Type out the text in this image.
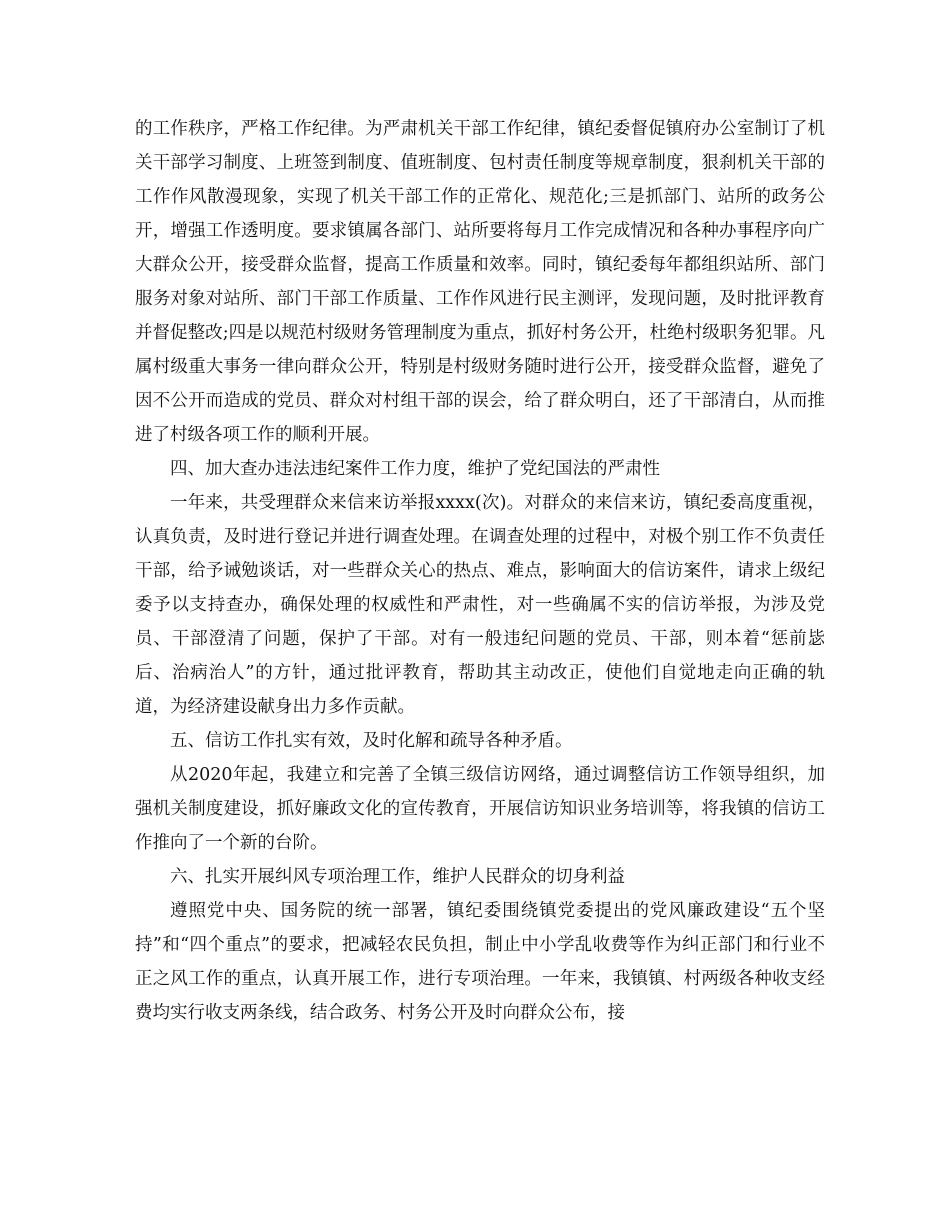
的工作秩序，严格工作纪律。为严肃机关干部工作纪律，镇纪委督促镇府办公室制订了机关干部学习制度、上班签到制度、值班制度、包村责任制度等规章制度，狠刹机关干部的工作作风散漫现象，实现了机关干部工作的正常化、规范化;三是抓部门、站所的政务公开，增强工作透明度。要求镇属各部门、站所要将每月工作完成情况和各种办事程序向广大群众公开，接受群众监督，提高工作质量和效率。同时，镇纪委每年都组织站所、部门服务对象对站所、部门干部工作质量、工作作风进行民主测评，发现问题，及时批评教育并督促整改;四是以规范村级财务管理制度为重点，抓好村务公开，杜绝村级职务犯罪。凡属村级重大事务一律向群众公开，特别是村级财务随时进行公开，接受群众监督，避免了因不公开而造成的党员、群众对村组干部的误会，给了群众明白，还了干部清白，从而推进了村级各项工作的顺利开展。

四、加大查办违法违纪案件工作力度，维护了党纪国法的严肃性

一年来，共受理群众来信来访举报xxxx(次)。对群众的来信来访，镇纪委高度重视，认真负责，及时进行登记并进行调查处理。在调查处理的过程中，对极个别工作不负责任干部，给予诫勉谈话，对一些群众关心的热点、难点，影响面大的信访案件，请求上级纪委予以支持查办，确保处理的权威性和严肃性，对一些确属不实的信访举报，为涉及党员、干部澄清了问题，保护了干部。对有一般违纪问题的党员、干部，则本着“惩前毖后、治病治人”的方针，通过批评教育，帮助其主动改正，使他们自觉地走向正确的轨道，为经济建设献身出力多作贡献。

五、信访工作扎实有效，及时化解和疏导各种矛盾。

从2020年起，我建立和完善了全镇三级信访网络，通过调整信访工作领导组织，加强机关制度建设，抓好廉政文化的宣传教育，开展信访知识业务培训等，将我镇的信访工作推向了一个新的台阶。

六、扎实开展纠风专项治理工作，维护人民群众的切身利益

遵照党中央、国务院的统一部署，镇纪委围绕镇党委提出的党风廉政建设“五个坚持”和“四个重点”的要求，把减轻农民负担，制止中小学乱收费等作为纠正部门和行业不正之风工作的重点，认真开展工作，进行专项治理。一年来，我镇镇、村两级各种收支经费均实行收支两条线，结合政务、村务公开及时向群众公布，接
